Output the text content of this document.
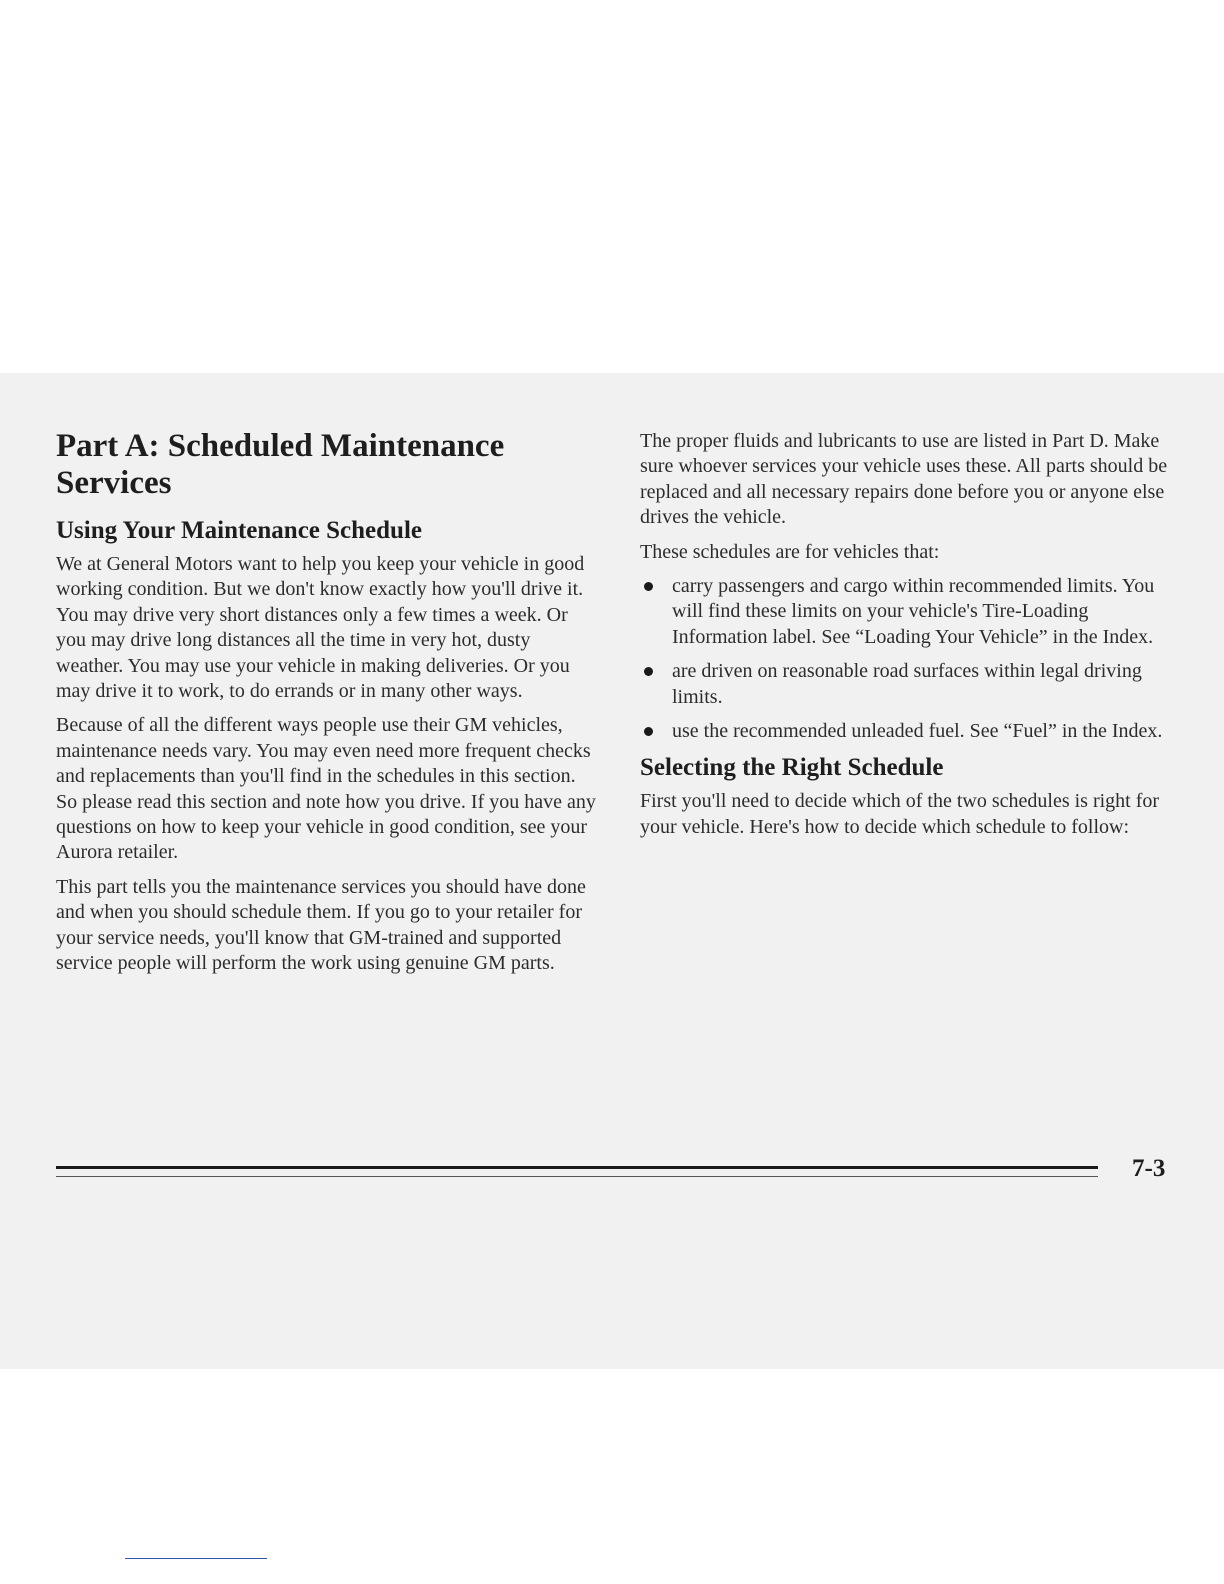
Part A: Scheduled Maintenance Services
Using Your Maintenance Schedule

We at General Motors want to help you keep your vehicle in good working condition. But we don't know exactly how you'll drive it. You may drive very short distances only a few times a week. Or you may drive long distances all the time in very hot, dusty weather. You may use your vehicle in making deliveries. Or you may drive it to work, to do errands or in many other ways.

Because of all the different ways people use their GM vehicles, maintenance needs vary. You may even need more frequent checks and replacements than you'll find in the schedules in this section. So please read this section and note how you drive. If you have any questions on how to keep your vehicle in good condition, see your Aurora retailer.

This part tells you the maintenance services you should have done and when you should schedule them. If you go to your retailer for your service needs, you'll know that GM-trained and supported service people will perform the work using genuine GM parts.

The proper fluids and lubricants to use are listed in Part D. Make sure whoever services your vehicle uses these. All parts should be replaced and all necessary repairs done before you or anyone else drives the vehicle.

These schedules are for vehicles that:

carry passengers and cargo within recommended limits. You will find these limits on your vehicle's Tire-Loading Information label. See “Loading Your Vehicle” in the Index.
are driven on reasonable road surfaces within legal driving limits.
use the recommended unleaded fuel. See “Fuel” in the Index.
Selecting the Right Schedule

First you'll need to decide which of the two schedules is right for your vehicle. Here's how to decide which schedule to follow:

7-3
